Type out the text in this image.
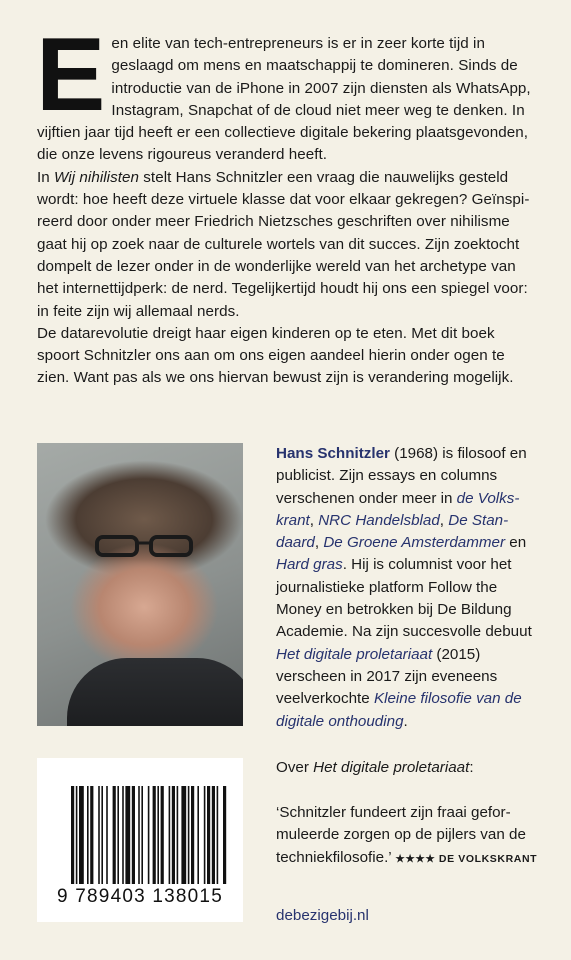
E en elite van tech-entrepreneurs is er in zeer korte tijd in geslaagd om mens en maatschappij te domineren. Sinds de introductie van de iPhone in 2007 zijn diensten als WhatsApp, Instagram, Snapchat of de cloud niet meer weg te denken. In vijftien jaar tijd heeft er een collectieve digitale bekering plaatsgevonden, die onze levens rigoureus veranderd heeft.

In Wij nihilisten stelt Hans Schnitzler een vraag die nauwelijks gesteld wordt: hoe heeft deze virtuele klasse dat voor elkaar gekregen? Geïnspireerd door onder meer Friedrich Nietzsches geschriften over nihilisme gaat hij op zoek naar de culturele wortels van dit succes. Zijn zoektocht dompelt de lezer onder in de wonderlijke wereld van het archetype van het internettijdperk: de nerd. Tegelijkertijd houdt hij ons een spiegel voor: in feite zijn wij allemaal nerds.

De datarevolutie dreigt haar eigen kinderen op te eten. Met dit boek spoort Schnitzler ons aan om ons eigen aandeel hierin onder ogen te zien. Want pas als we ons hiervan bewust zijn is verandering mogelijk.

Hans Schnitzler (1968) is filosoof en publicist. Zijn essays en columns verschenen onder meer in de Volkskrant, NRC Handelsblad, De Standaard, De Groene Amsterdammer en Hard gras. Hij is columnist voor het journalistieke platform Follow the Money en betrokken bij De Bildung Academie. Na zijn succesvolle debuut Het digitale proletariaat (2015) verscheen in 2017 zijn eveneens veelverkochte Kleine filosofie van de digitale onthouding.

9 789403 138015
Over Het digitale proletariaat:
‘Schnitzler fundeert zijn fraai geformuleerde zorgen op de pijlers van de techniekfilosofie.’ ★★★★ DE VOLKSKRANT
debezigebij.nl
